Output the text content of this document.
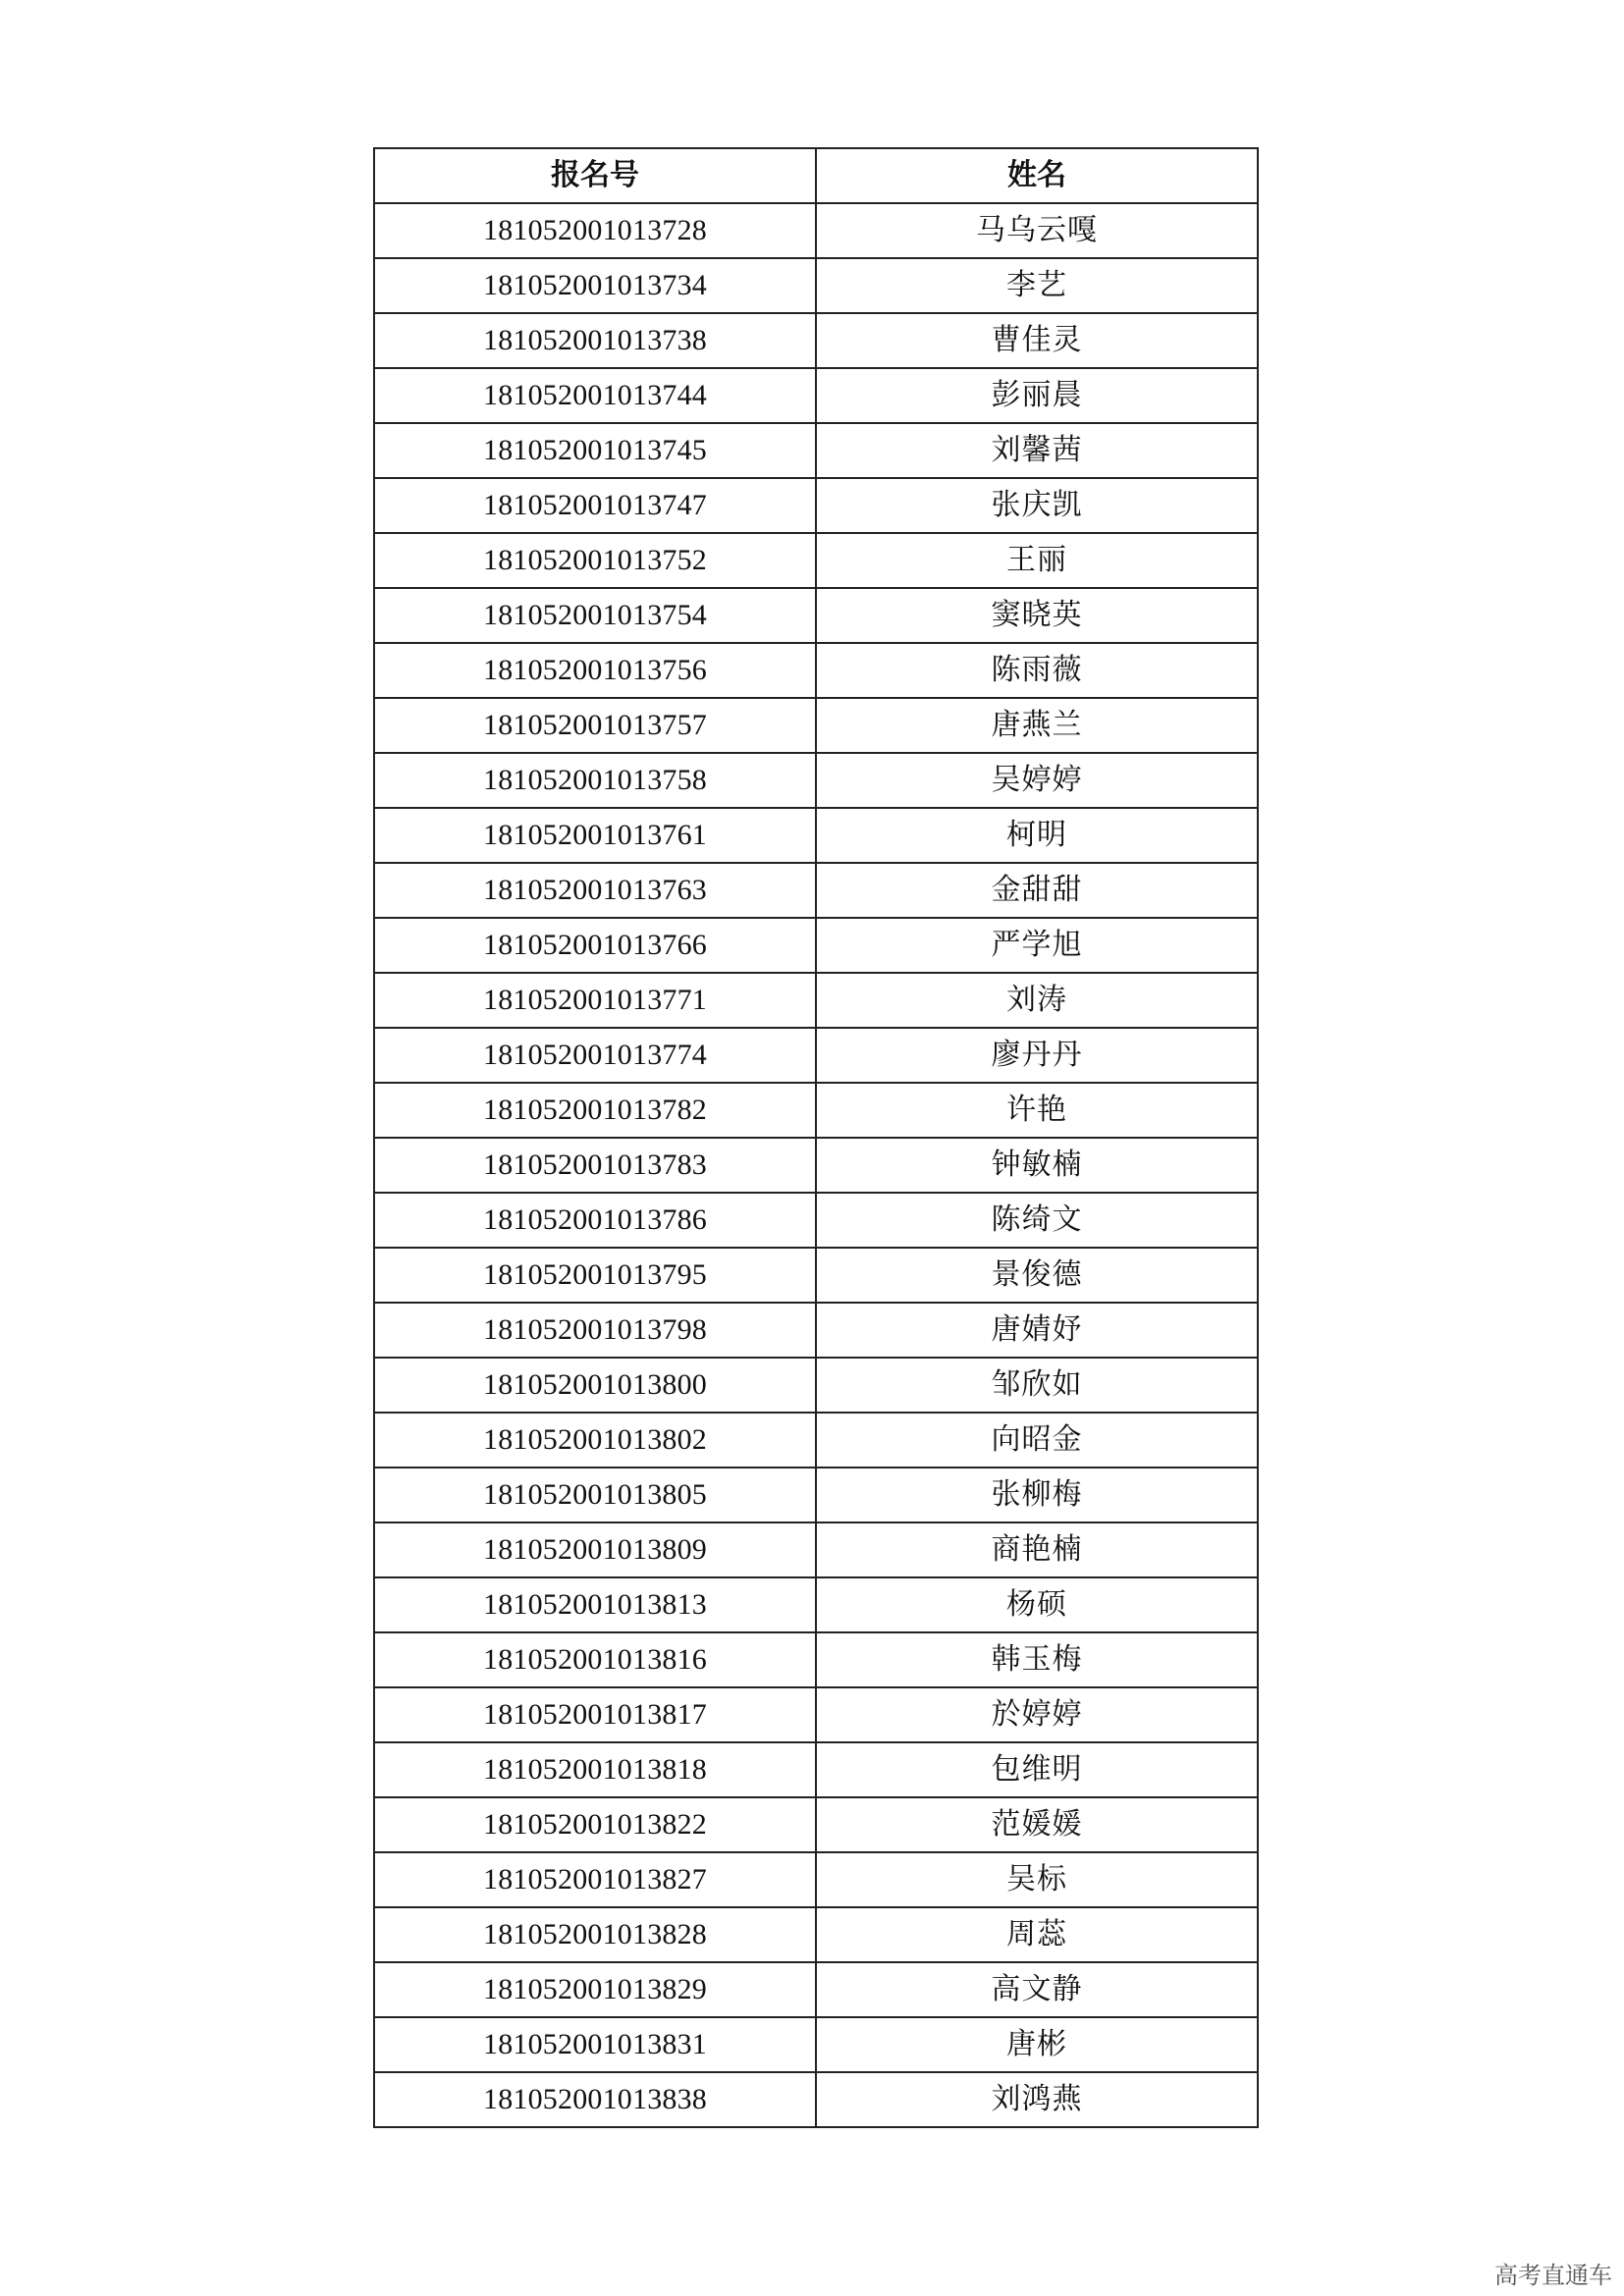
报名号	姓名
181052001013728	马乌云嘎
181052001013734	李艺
181052001013738	曹佳灵
181052001013744	彭丽晨
181052001013745	刘馨茜
181052001013747	张庆凯
181052001013752	王丽
181052001013754	窦晓英
181052001013756	陈雨薇
181052001013757	唐燕兰
181052001013758	吴婷婷
181052001013761	柯明
181052001013763	金甜甜
181052001013766	严学旭
181052001013771	刘涛
181052001013774	廖丹丹
181052001013782	许艳
181052001013783	钟敏楠
181052001013786	陈绮文
181052001013795	景俊德
181052001013798	唐婧妤
181052001013800	邹欣如
181052001013802	向昭金
181052001013805	张柳梅
181052001013809	商艳楠
181052001013813	杨硕
181052001013816	韩玉梅
181052001013817	於婷婷
181052001013818	包维明
181052001013822	范媛媛
181052001013827	吴标
181052001013828	周蕊
181052001013829	高文静
181052001013831	唐彬
181052001013838	刘鸿燕
高考直通车
